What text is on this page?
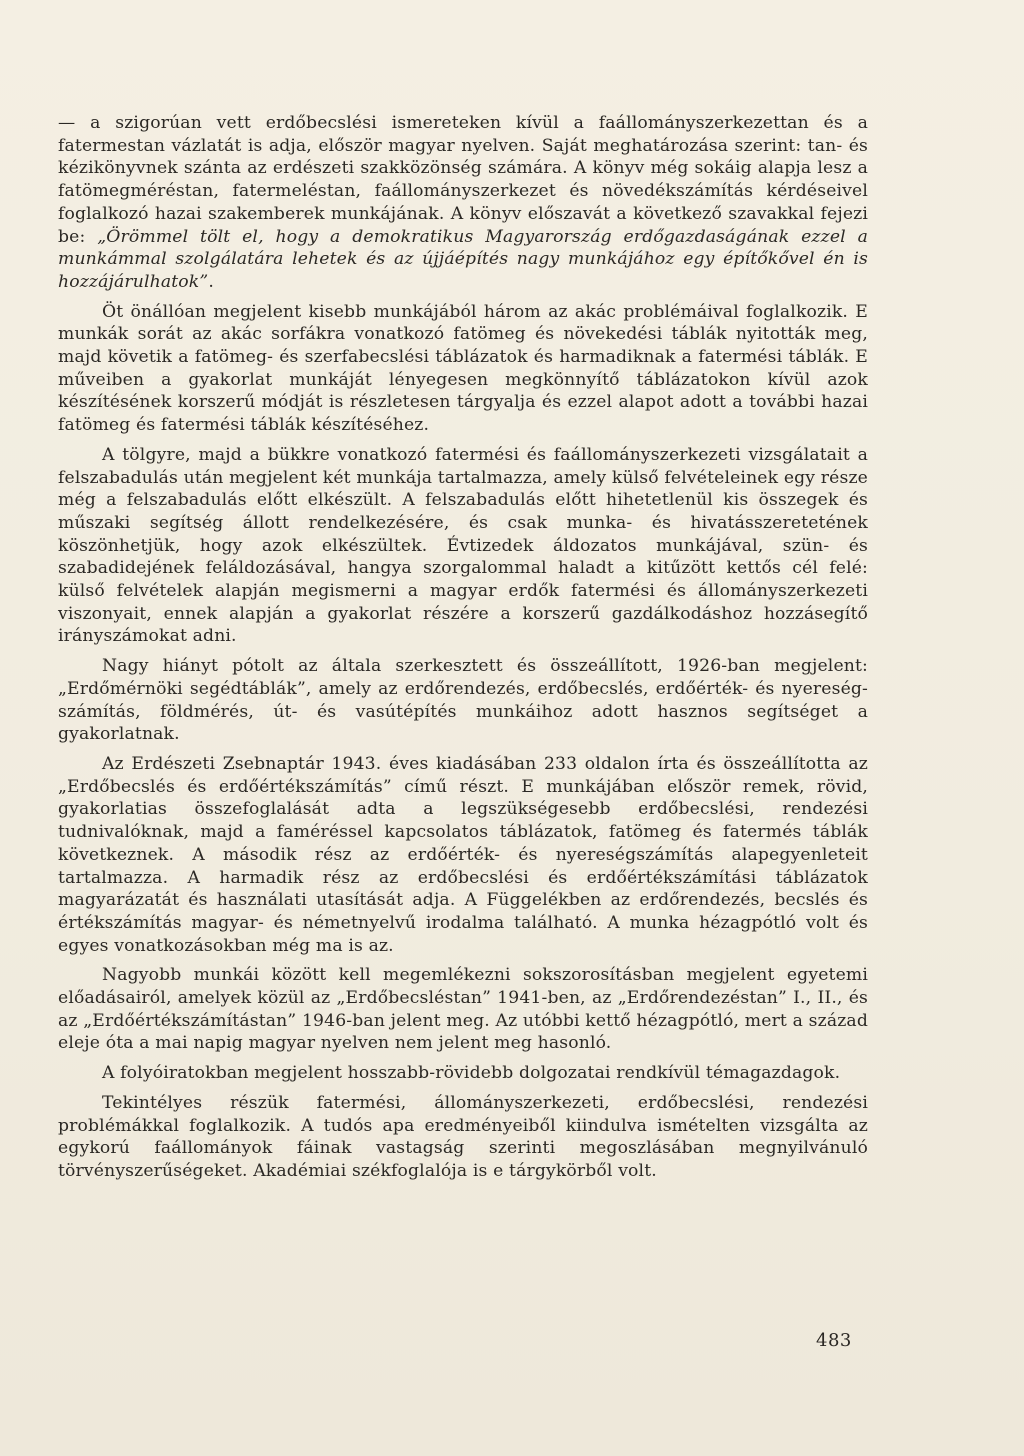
— a szigorúan vett erdőbecslési ismereteken kívül a faállományszerkezettan és a fatermestan vázlatát is adja, először magyar nyelven. Saját meghatározása szerint: tan- és kézikönyvnek szánta az erdészeti szakközönség számára. A könyv még sokáig alapja lesz a fatömegméréstan, fatermeléstan, faállományszerkezet és növedékszámítás kérdéseivel foglalkozó hazai szakemberek munkájának. A könyv előszavát a következő szavakkal fejezi be: „Örömmel tölt el, hogy a demokratikus Magyarország erdőgazdaságának ezzel a munkámmal szolgálatára lehetek és az újjáépítés nagy munkájához egy építőkővel én is hozzájárulhatok”.

Öt önállóan megjelent kisebb munkájából három az akác problémáival foglalkozik. E munkák sorát az akác sorfákra vonatkozó fatömeg és növekedési táblák nyitották meg, majd követik a fatömeg- és szerfabecslési táblázatok és harmadiknak a fatermési táblák. E műveiben a gyakorlat munkáját lényegesen megkönnyítő táblázatokon kívül azok készítésének korszerű módját is részletesen tárgyalja és ezzel alapot adott a további hazai fatömeg és fatermési táblák készítéséhez.

A tölgyre, majd a bükkre vonatkozó fatermési és faállományszerkezeti vizsgálatait a felszabadulás után megjelent két munkája tartalmazza, amely külső felvételeinek egy része még a felszabadulás előtt elkészült. A felszabadulás előtt hihetetlenül kis összegek és műszaki segítség állott rendelkezésére, és csak munka- és hivatásszeretetének köszönhetjük, hogy azok elkészültek. Évtizedek áldozatos munkájával, szün- és szabadidejének feláldozásával, hangya szorgalommal haladt a kitűzött kettős cél felé: külső felvételek alapján megismerni a magyar erdők fatermési és állományszerkezeti viszonyait, ennek alapján a gyakorlat részére a korszerű gazdálkodáshoz hozzásegítő irányszámokat adni.

Nagy hiányt pótolt az általa szerkesztett és összeállított, 1926-ban megjelent: „Erdőmérnöki segédtáblák”, amely az erdőrendezés, erdőbecslés, erdőérték- és nyereség-számítás, földmérés, út- és vasútépítés munkáihoz adott hasznos segítséget a gyakorlatnak.

Az Erdészeti Zsebnaptár 1943. éves kiadásában 233 oldalon írta és összeállította az „Erdőbecslés és erdőértékszámítás” című részt. E munkájában először remek, rövid, gyakorlatias összefoglalását adta a legszükségesebb erdőbecslési, rendezési tudnivalóknak, majd a faméréssel kapcsolatos táblázatok, fatömeg és fatermés táblák következnek. A második rész az erdőérték- és nyereségszámítás alapegyenleteit tartalmazza. A harmadik rész az erdőbecslési és erdőértékszámítási táblázatok magyarázatát és használati utasítását adja. A Függelékben az erdőrendezés, becslés és értékszámítás magyar- és németnyelvű irodalma található. A munka hézagpótló volt és egyes vonatkozásokban még ma is az.

Nagyobb munkái között kell megemlékezni sokszorosításban megjelent egyetemi előadásairól, amelyek közül az „Erdőbecsléstan” 1941-ben, az „Erdőrendezéstan” I., II., és az „Erdőértékszámítástan” 1946-ban jelent meg. Az utóbbi kettő hézagpótló, mert a század eleje óta a mai napig magyar nyelven nem jelent meg hasonló.

A folyóiratokban megjelent hosszabb-rövidebb dolgozatai rendkívül témagazdagok.

Tekintélyes részük fatermési, állományszerkezeti, erdőbecslési, rendezési problémákkal foglalkozik. A tudós apa eredményeiből kiindulva ismételten vizsgálta az egykorú faállományok fáinak vastagság szerinti megoszlásában megnyilvánuló törvényszerűségeket. Akadémiai székfoglalója is e tárgykörből volt.

483
